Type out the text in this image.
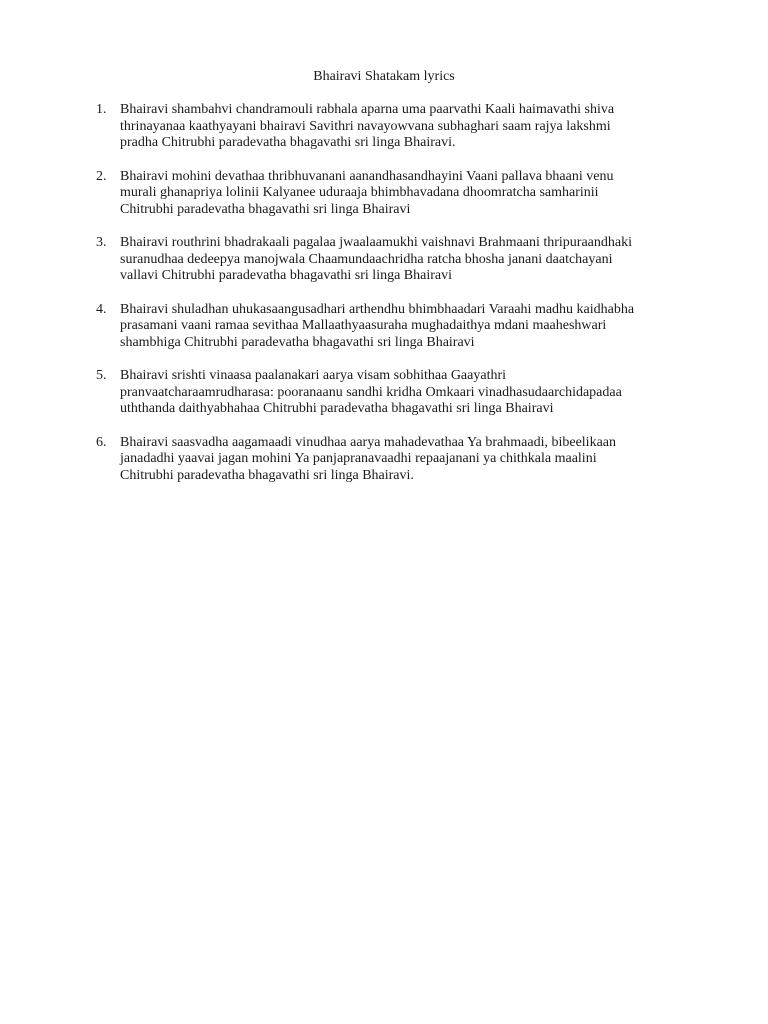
Bhairavi Shatakam lyrics
1. Bhairavi shambahvi chandramouli rabhala aparna uma paarvathi Kaali haimavathi shiva
thrinayanaa kaathyayani bhairavi Savithri navayowvana subhaghari saam rajya lakshmi
pradha Chitrubhi paradevatha bhagavathi sri linga Bhairavi.
2. Bhairavi mohini devathaa thribhuvanani aanandhasandhayini Vaani pallava bhaani venu
murali ghanapriya lolinii Kalyanee uduraaja bhimbhavadana dhoomratcha samharinii
Chitrubhi paradevatha bhagavathi sri linga Bhairavi
3. Bhairavi routhrini bhadrakaali pagalaa jwaalaamukhi vaishnavi Brahmaani thripuraandhaki
suranudhaa dedeepya manojwala Chaamundaachridha ratcha bhosha janani daatchayani
vallavi Chitrubhi paradevatha bhagavathi sri linga Bhairavi
4. Bhairavi shuladhan uhukasaangusadhari arthendhu bhimbhaadari Varaahi madhu kaidhabha
prasamani vaani ramaa sevithaa Mallaathyaasuraha mughadaithya mdani maaheshwari
shambhiga Chitrubhi paradevatha bhagavathi sri linga Bhairavi
5. Bhairavi srishti vinaasa paalanakari aarya visam sobhithaa Gaayathri
pranvaatcharaamrudharasa: pooranaanu sandhi kridha Omkaari vinadhasudaarchidapadaa
uththanda daithyabhahaa Chitrubhi paradevatha bhagavathi sri linga Bhairavi
6. Bhairavi saasvadha aagamaadi vinudhaa aarya mahadevathaa Ya brahmaadi, bibeelikaan
janadadhi yaavai jagan mohini Ya panjapranavaadhi repaajanani ya chithkala maalini
Chitrubhi paradevatha bhagavathi sri linga Bhairavi.
